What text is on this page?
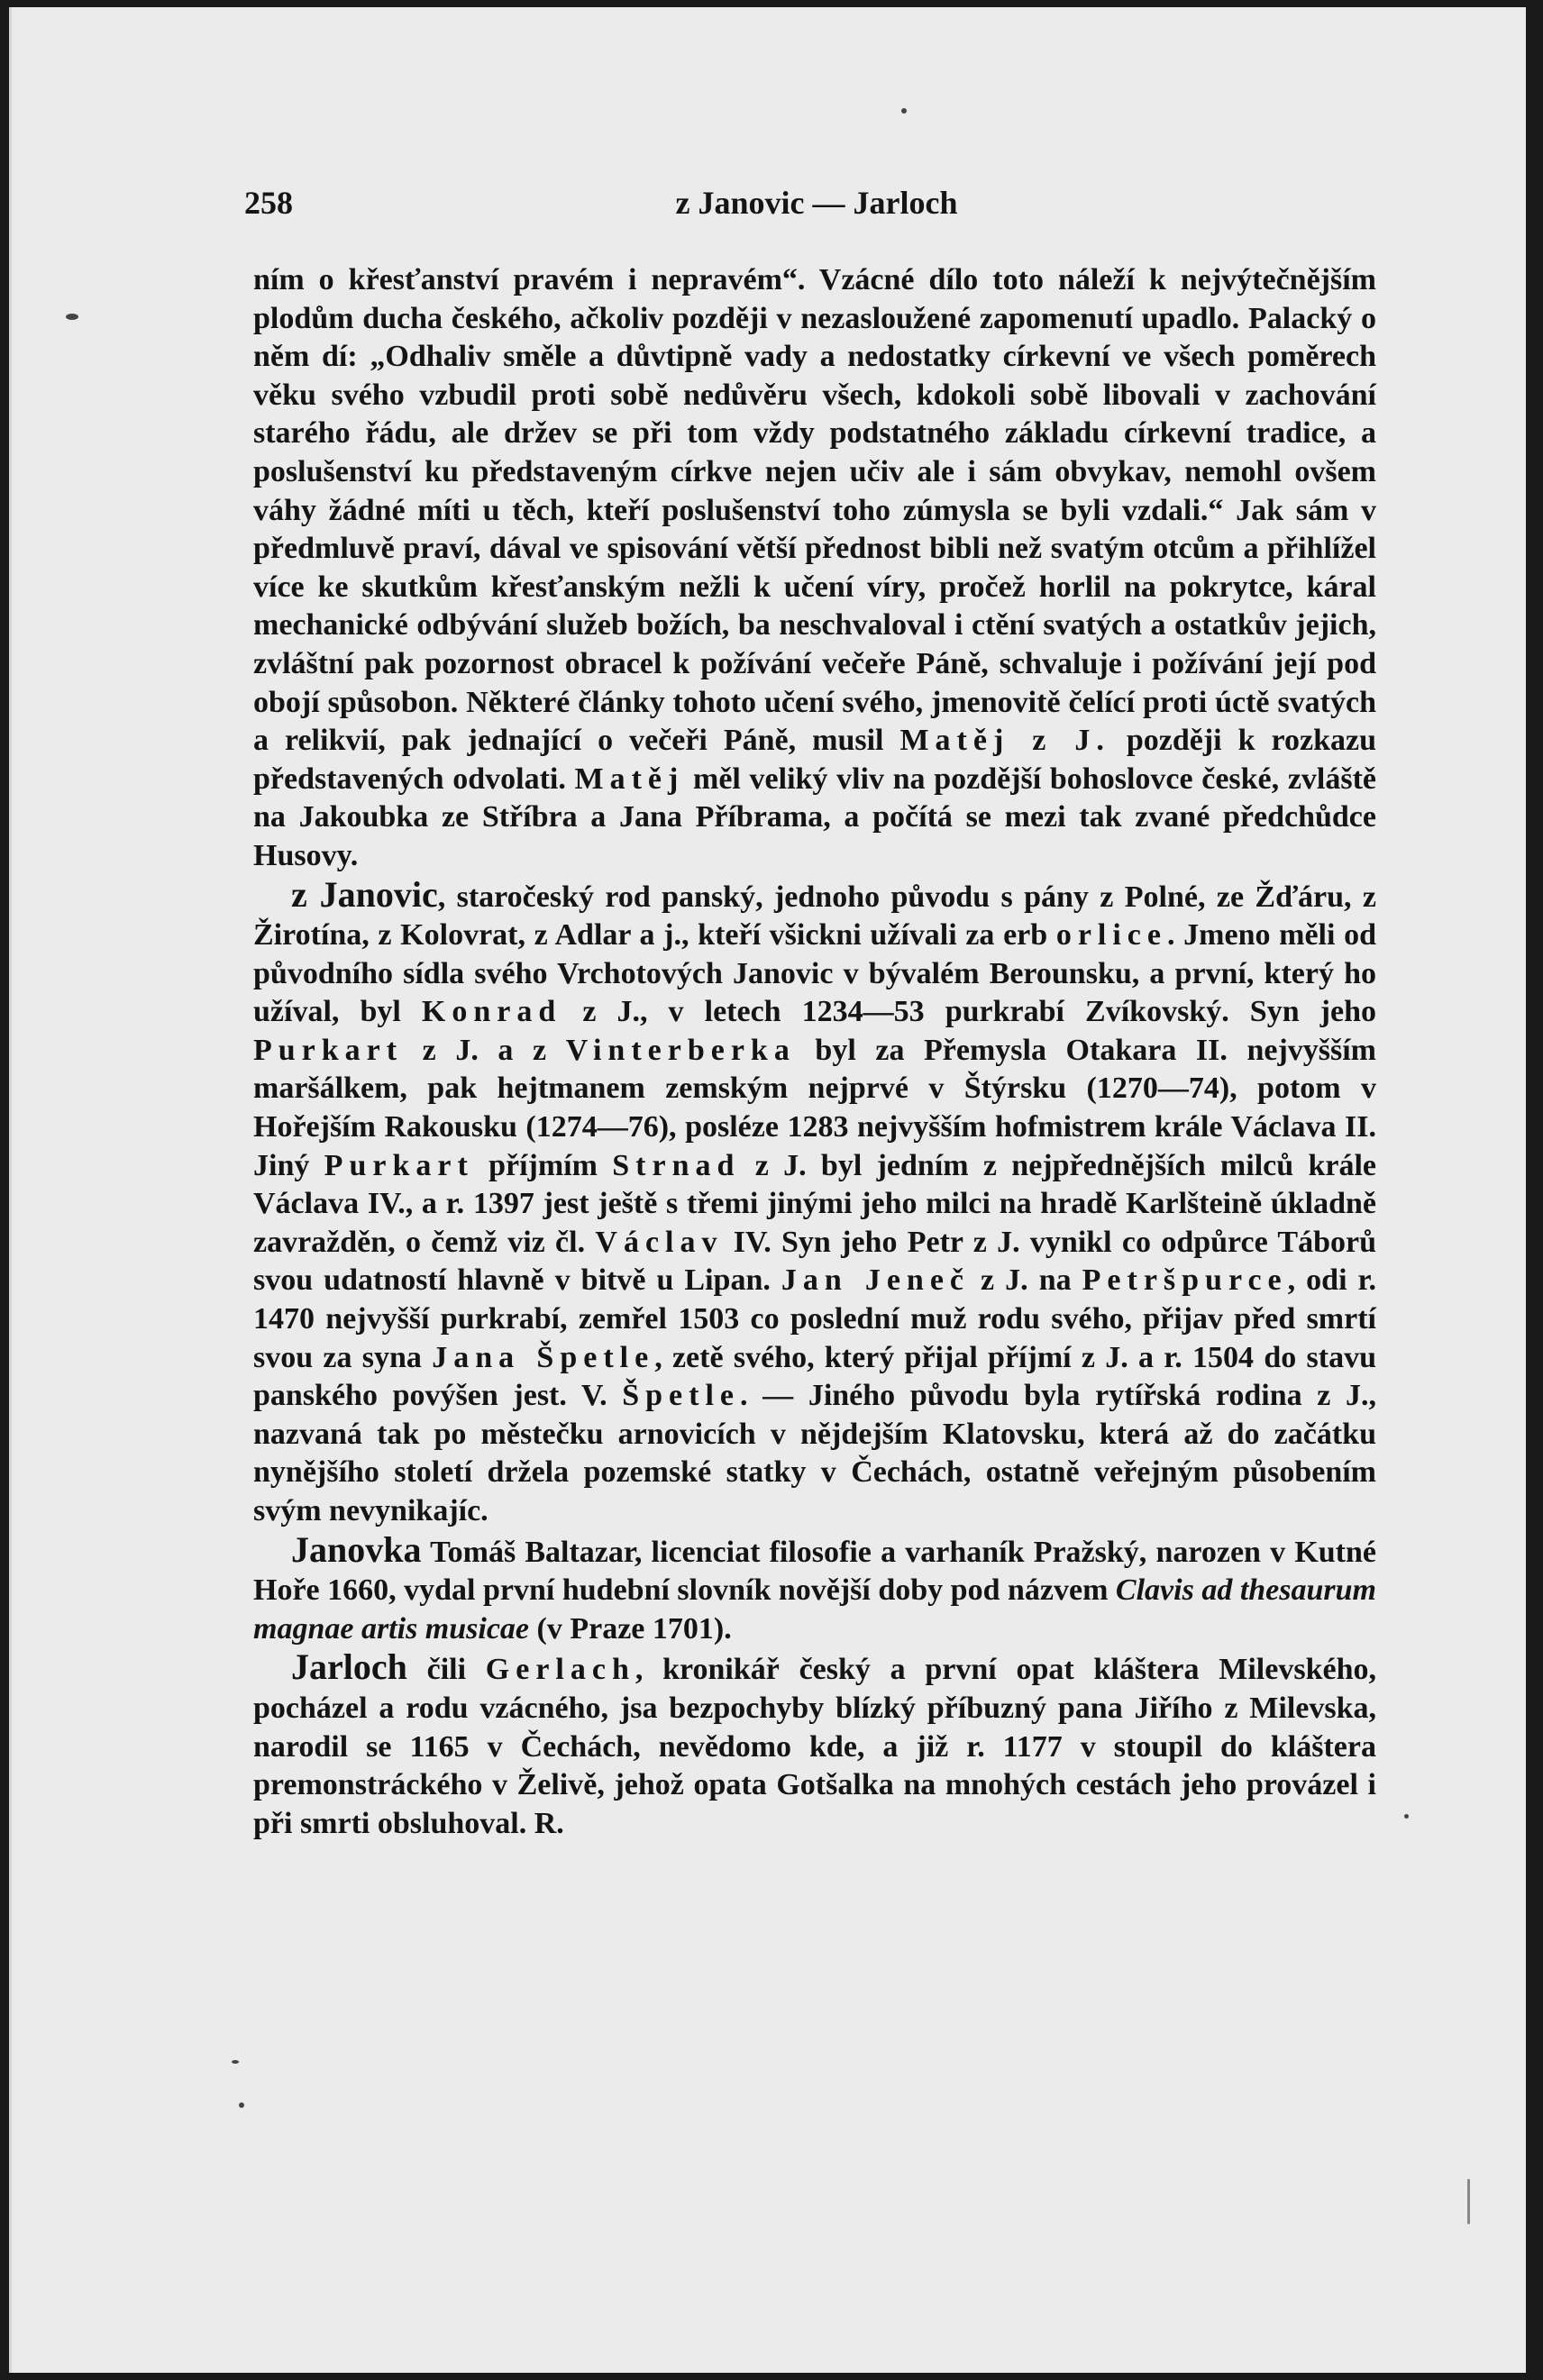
258	z Janovic — Jarloch

ním o křesťanství pravém i nepravém“. Vzácné dílo toto náleží k nejvýtečnějším plodům ducha českého, ačkoliv později v nezasloužené zapomenutí upadlo. Palacký o něm dí: „Odhaliv směle a důvtipně vady a nedostatky církevní ve všech poměrech věku svého vzbudil proti sobě nedůvěru všech, kdokoli sobě libovali v zachování starého řádu, ale držev se při tom vždy podstatného základu církevní tradice, a poslušenství ku představeným církve nejen učiv ale i sám obvykav, nemohl ovšem váhy žádné míti u těch, kteří poslušenství toho zúmysla se byli vzdali.“ Jak sám v předmluvě praví, dával ve spisování větší přednost bibli než svatým otcům a přihlížel více ke skutkům křesťanským nežli k učení víry, pročež horlil na pokrytce, káral mechanické odbývání služeb božích, ba neschvaloval i ctění svatých a ostatkův jejich, zvláštní pak pozornost obracel k požívání večeře Páně, schvaluje i požívání její pod obojí spůsobon. Některé články tohoto učení svého, jmenovitě čelící proti úctě svatých a relikvií, pak jednající o večeři Páně, musil Matěj z J. později k rozkazu představených odvolati. Matěj měl veliký vliv na pozdější bohoslovce české, zvláště na Jakoubka ze Stříbra a Jana Příbrama, a počítá se mezi tak zvané předchůdce Husovy.

z Janovic, staročeský rod panský, jednoho původu s pány z Polné, ze Žďáru, z Žirotína, z Kolovrat, z Adlar a j., kteří všickni užívali za erb orlice. Jmeno měli od původního sídla svého Vrchotových Janovic v bývalém Berounsku, a první, který ho užíval, byl Konrad z J., v letech 1234—53 purkrabí Zvíkovský. Syn jeho Purkart z J. a z Vinterberka byl za Přemysla Otakara II. nejvyšším maršálkem, pak hejtmanem zemským nejprvé v Štýrsku (1270—74), potom v Hořejším Rakousku (1274—76), posléze 1283 nejvyšším hofmistrem krále Václava II. Jiný Purkart příjmím Strnad z J. byl jedním z nejpřednějších milců krále Václava IV., a r. 1397 jest ještě s třemi jinými jeho milci na hradě Karlšteině úkladně zavražděn, o čemž viz čl. Václav IV. Syn jeho Petr z J. vynikl co odpůrce Táborů svou udatností hlavně v bitvě u Lipan. Jan Jeneč z J. na Petršpurce, odi r. 1470 nejvyšší purkrabí, zemřel 1503 co poslední muž rodu svého, přijav před smrtí svou za syna Jana Špetle, zetě svého, který přijal příjmí z J. a r. 1504 do stavu panského povýšen jest. V. Špetle. — Jiného původu byla rytířská rodina z J., nazvaná tak po městečku arnovicích v nějdejším Klatovsku, která až do začátku nynějšího století držela pozemské statky v Čechách, ostatně veřejným působením svým nevynikajíc.

Janovka Tomáš Baltazar, licenciat filosofie a varhaník Pražský, narozen v Kutné Hoře 1660, vydal první hudební slovník novější doby pod názvem Clavis ad thesaurum magnae artis musicae (v Praze 1701).

Jarloch čili Gerlach, kronikář český a první opat kláštera Milevského, pocházel a rodu vzácného, jsa bezpochyby blízký příbuzný pana Jiřího z Milevska, narodil se 1165 v Čechách, nevědomo kde, a již r. 1177 v stoupil do kláštera premonstráckého v Želivě, jehož opata Gotšalka na mnohých cestách jeho provázel i při smrti obsluhoval. R.
